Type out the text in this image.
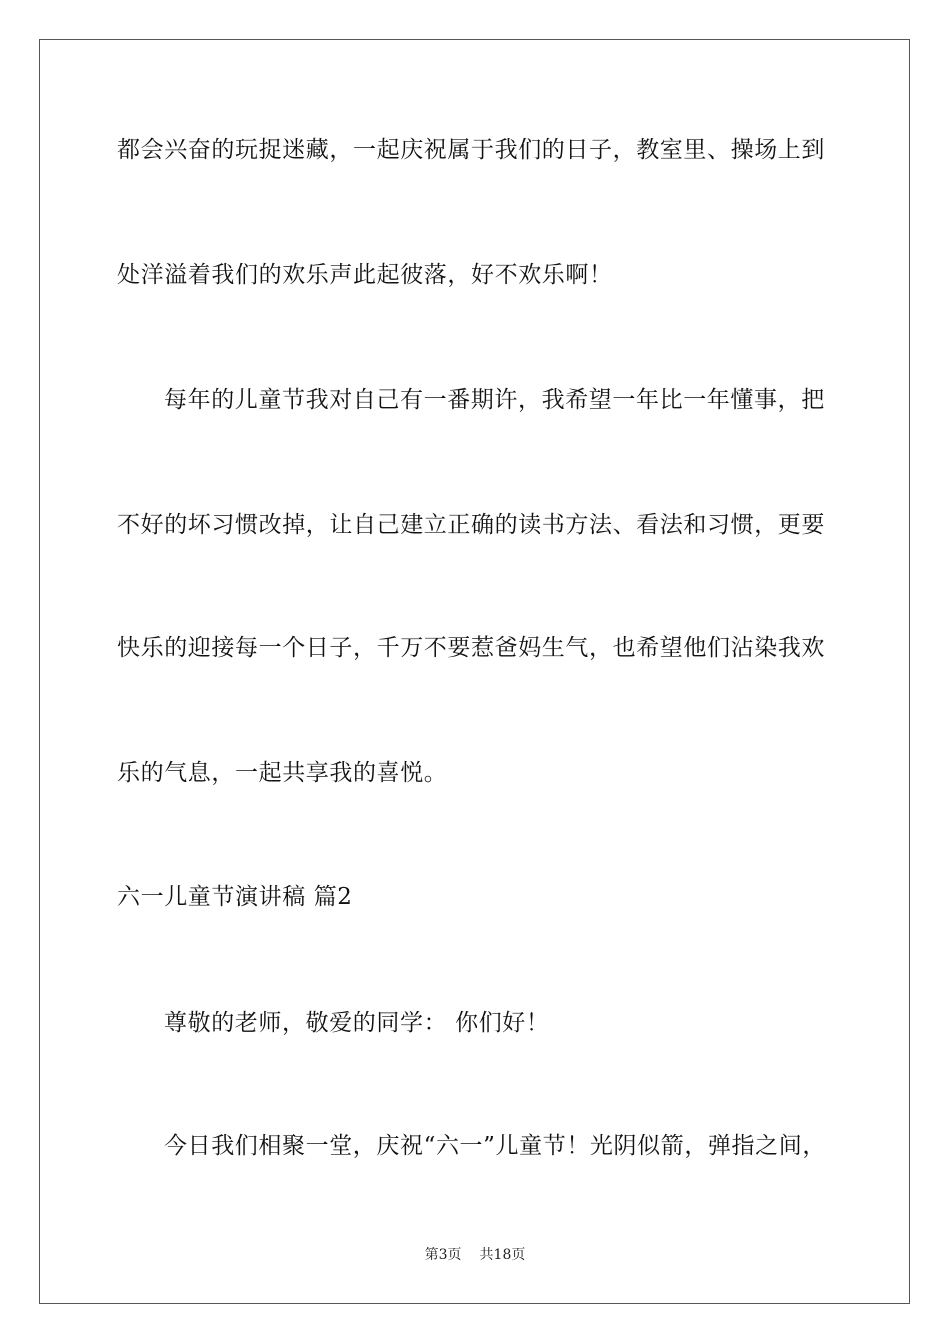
都会兴奋的玩捉迷藏，一起庆祝属于我们的日子，教室里、操场上到
处洋溢着我们的欢乐声此起彼落，好不欢乐啊！
每年的儿童节我对自己有一番期许，我希望一年比一年懂事，把
不好的坏习惯改掉，让自己建立正确的读书方法、看法和习惯，更要
快乐的迎接每一个日子，千万不要惹爸妈生气，也希望他们沾染我欢
乐的气息，一起共享我的喜悦。
六一儿童节演讲稿 篇2
尊敬的老师，敬爱的同学： 你们好！
今日我们相聚一堂，庆祝“六一”儿童节！光阴似箭，弹指之间，
第3页 共18页
